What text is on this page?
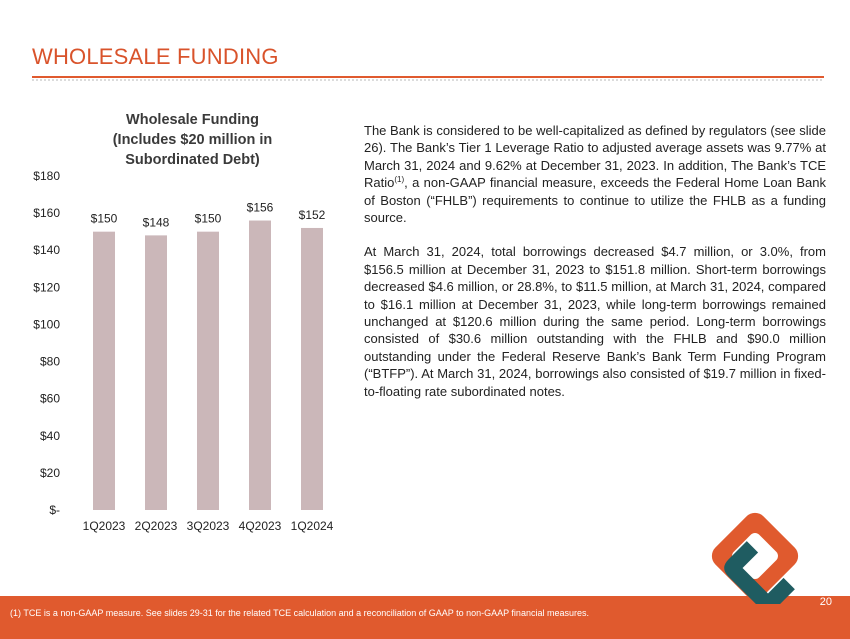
WHOLESALE FUNDING
Wholesale Funding
(Includes $20 million in
Subordinated Debt)
$-
$20
$40
$60
$80
$100
$120
$140
$160
$180
$150
1Q2023
$148
2Q2023
$150
3Q2023
$156
4Q2023
$152
1Q2024

The Bank is considered to be well-capitalized as defined by regulators (see slide 26). The Bank’s Tier 1 Leverage Ratio to adjusted average assets was 9.77% at March 31, 2024 and 9.62% at December 31, 2023. In addition, The Bank’s TCE Ratio$^{(1)}$, a non-GAAP financial measure, exceeds the Federal Home Loan Bank of Boston (“FHLB”) requirements to continue to utilize the FHLB as a funding source.

At March 31, 2024, total borrowings decreased $4.7 million, or 3.0%, from $156.5 million at December 31, 2023 to $151.8 million. Short-term borrowings decreased $4.6 million, or 28.8%, to $11.5 million, at March 31, 2024, compared to $16.1 million at December 31, 2023, while long-term borrowings remained unchanged at $120.6 million during the same period. Long-term borrowings consisted of $30.6 million outstanding with the FHLB and $90.0 million outstanding under the Federal Reserve Bank’s Bank Term Funding Program (“BTFP”). At March 31, 2024, borrowings also consisted of $19.7 million in fixed-to-floating rate subordinated notes.

20
(1) TCE is a non-GAAP measure. See slides 29-31 for the related TCE calculation and a reconciliation of GAAP to non-GAAP financial measures.
